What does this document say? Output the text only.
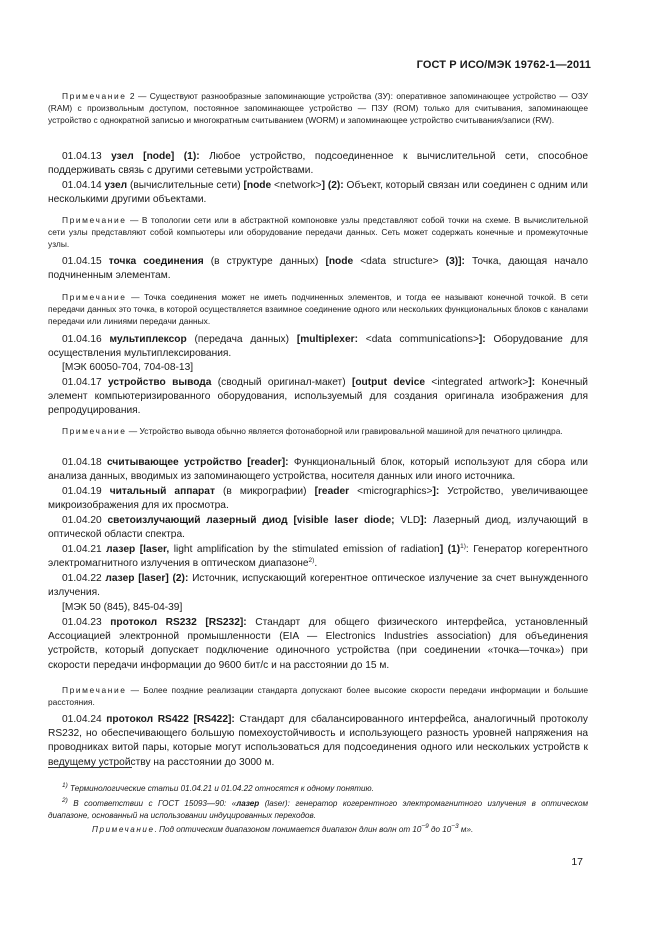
ГОСТ Р ИСО/МЭК 19762-1—2011

Примечание 2 — Существуют разнообразные запоминающие устройства (ЗУ): оперативное запоминающее устройство — ОЗУ (RAM) с произвольным доступом, постоянное запоминающее устройство — ПЗУ (ROM) только для считывания, запоминающее устройство с однократной записью и многократным считыванием (WORM) и запоминающее устройство считывания/записи (RW).

01.04.13 узел [node] (1): Любое устройство, подсоединенное к вычислительной сети, способное поддерживать связь с другими сетевыми устройствами.

01.04.14 узел (вычислительные сети) [node <network>] (2): Объект, который связан или соединен с одним или несколькими другими объектами.

Примечание — В топологии сети или в абстрактной компоновке узлы представляют собой точки на схеме. В вычислительной сети узлы представляют собой компьютеры или оборудование передачи данных. Сеть может содержать конечные и промежуточные узлы.

01.04.15 точка соединения (в структуре данных) [node <data structure> (3)]: Точка, дающая начало подчиненным элементам.

Примечание — Точка соединения может не иметь подчиненных элементов, и тогда ее называют конечной точкой. В сети передачи данных это точка, в которой осуществляется взаимное соединение одного или нескольких функциональных блоков с каналами передачи или линиями передачи данных.

01.04.16 мультиплексор (передача данных) [multiplexer: <data communications>]: Оборудование для осуществления мультиплексирования.

[МЭК 60050-704, 704-08-13]

01.04.17 устройство вывода (сводный оригинал-макет) [output device <integrated artwork>]: Конечный элемент компьютеризированного оборудования, используемый для создания оригинала изображения для репродуцирования.

Примечание — Устройство вывода обычно является фотонаборной или гравировальной машиной для печатного цилиндра.

01.04.18 считывающее устройство [reader]: Функциональный блок, который используют для сбора или анализа данных, вводимых из запоминающего устройства, носителя данных или иного источника.

01.04.19 читальный аппарат (в микрографии) [reader <micrographics>]: Устройство, увеличивающее микроизображения для их просмотра.

01.04.20 светоизлучающий лазерный диод [visible laser diode; VLD]: Лазерный диод, излучающий в оптической области спектра.

01.04.21 лазер [laser, light amplification by the stimulated emission of radiation] $(1)^{1)}$: Генератор когерентного электромагнитного излучения в оптическом диапазоне$^{2)}$.

01.04.22 лазер [laser] (2): Источник, испускающий когерентное оптическое излучение за счет вынужденного излучения.

[МЭК 50 (845), 845-04-39]

01.04.23 протокол RS232 [RS232]: Стандарт для общего физического интерфейса, установленный Ассоциацией электронной промышленности (EIA — Electronics Industries association) для объединения устройств, который допускает подключение одиночного устройства (при соединении «точка—точка») при скорости передачи информации до 9600 бит/с и на расстоянии до 15 м.

Примечание — Более поздние реализации стандарта допускают более высокие скорости передачи информации и большие расстояния.

01.04.24 протокол RS422 [RS422]: Стандарт для сбалансированного интерфейса, аналогичный протоколу RS232, но обеспечивающего большую помехоустойчивость и использующего разность уровней напряжения на проводниках витой пары, которые могут использоваться для подсоединения одного или нескольких устройств к ведущему устройству на расстоянии до 3000 м.

$^{1)}$ Терминологические статьи 01.04.21 и 01.04.22 относятся к одному понятию.

$^{2)}$ В соответствии с ГОСТ 15093—90: «лазер (laser): генератор когерентного электромагнитного излучения в оптическом диапазоне, основанный на использовании индуцированных переходов.

Примечание. Под оптическим диапазоном понимается диапазон длин волн от $10^{-9}$ до $10^{-3}$ м».

17
